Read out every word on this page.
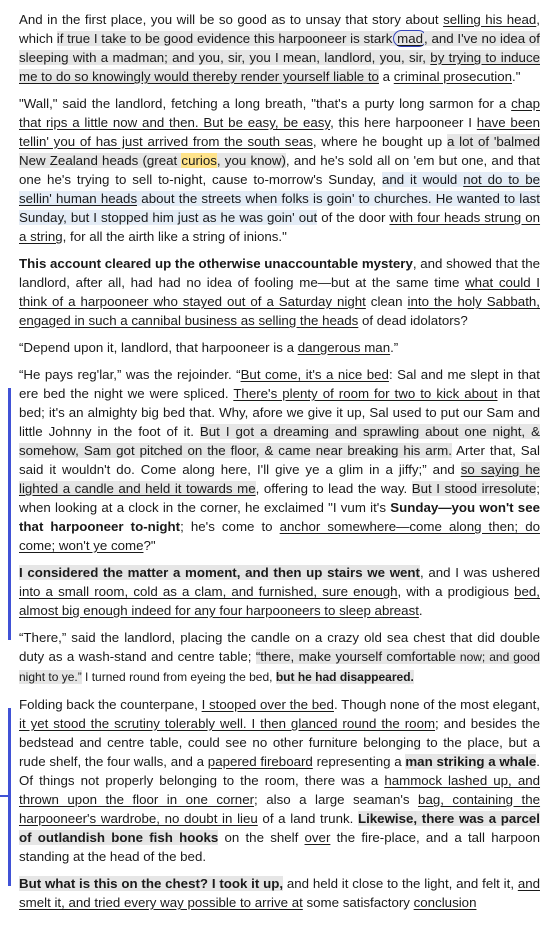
And in the first place, you will be so good as to unsay that story about selling his head, which if true I take to be good evidence this harpooneer is stark mad, and I've no idea of sleeping with a madman; and you, sir, you I mean, landlord, you, sir, by trying to induce me to do so knowingly would thereby render yourself liable to a criminal prosecution."

"Wall," said the landlord, fetching a long breath, "that's a purty long sarmon for a chap that rips a little now and then. But be easy, be easy, this here harpooneer I have been tellin' you of has just arrived from the south seas, where he bought up a lot of 'balmed New Zealand heads (great curios, you know), and he's sold all on 'em but one, and that one he's trying to sell to-night, cause to-morrow's Sunday, and it would not do to be sellin' human heads about the streets when folks is goin' to churches. He wanted to last Sunday, but I stopped him just as he was goin' out of the door with four heads strung on a string, for all the airth like a string of inions."

This account cleared up the otherwise unaccountable mystery, and showed that the landlord, after all, had had no idea of fooling me—but at the same time what could I think of a harpooneer who stayed out of a Saturday night clean into the holy Sabbath, engaged in such a cannibal business as selling the heads of dead idolators?

“Depend upon it, landlord, that harpooneer is a dangerous man.”

“He pays reg'lar,” was the rejoinder. “But come, it's a nice bed: Sal and me slept in that ere bed the night we were spliced. There's plenty of room for two to kick about in that bed; it's an almighty big bed that. Why, afore we give it up, Sal used to put our Sam and little Johnny in the foot of it. But I got a dreaming and sprawling about one night, & somehow, Sam got pitched on the floor, & came near breaking his arm. Arter that, Sal said it wouldn't do. Come along here, I'll give ye a glim in a jiffy;” and so saying he lighted a candle and held it towards me, offering to lead the way. But I stood irresolute; when looking at a clock in the corner, he exclaimed "I vum it's Sunday—you won't see that harpooneer to-night; he's come to anchor somewhere—come along then; do come; won't ye come?"

I considered the matter a moment, and then up stairs we went, and I was ushered into a small room, cold as a clam, and furnished, sure enough, with a prodigious bed, almost big enough indeed for any four harpooneers to sleep abreast.

“There,” said the landlord, placing the candle on a crazy old sea chest that did double duty as a wash-stand and centre table; “there, make yourself comfortable now; and good night to ye.” I turned round from eyeing the bed, but he had disappeared.

Folding back the counterpane, I stooped over the bed. Though none of the most elegant, it yet stood the scrutiny tolerably well. I then glanced round the room; and besides the bedstead and centre table, could see no other furniture belonging to the place, but a rude shelf, the four walls, and a papered fireboard representing a man striking a whale. Of things not properly belonging to the room, there was a hammock lashed up, and thrown upon the floor in one corner; also a large seaman's bag, containing the harpooneer's wardrobe, no doubt in lieu of a land trunk. Likewise, there was a parcel of outlandish bone fish hooks on the shelf over the fire-place, and a tall harpoon standing at the head of the bed.

But what is this on the chest? I took it up, and held it close to the light, and felt it, and smelt it, and tried every way possible to arrive at some satisfactory conclusion
